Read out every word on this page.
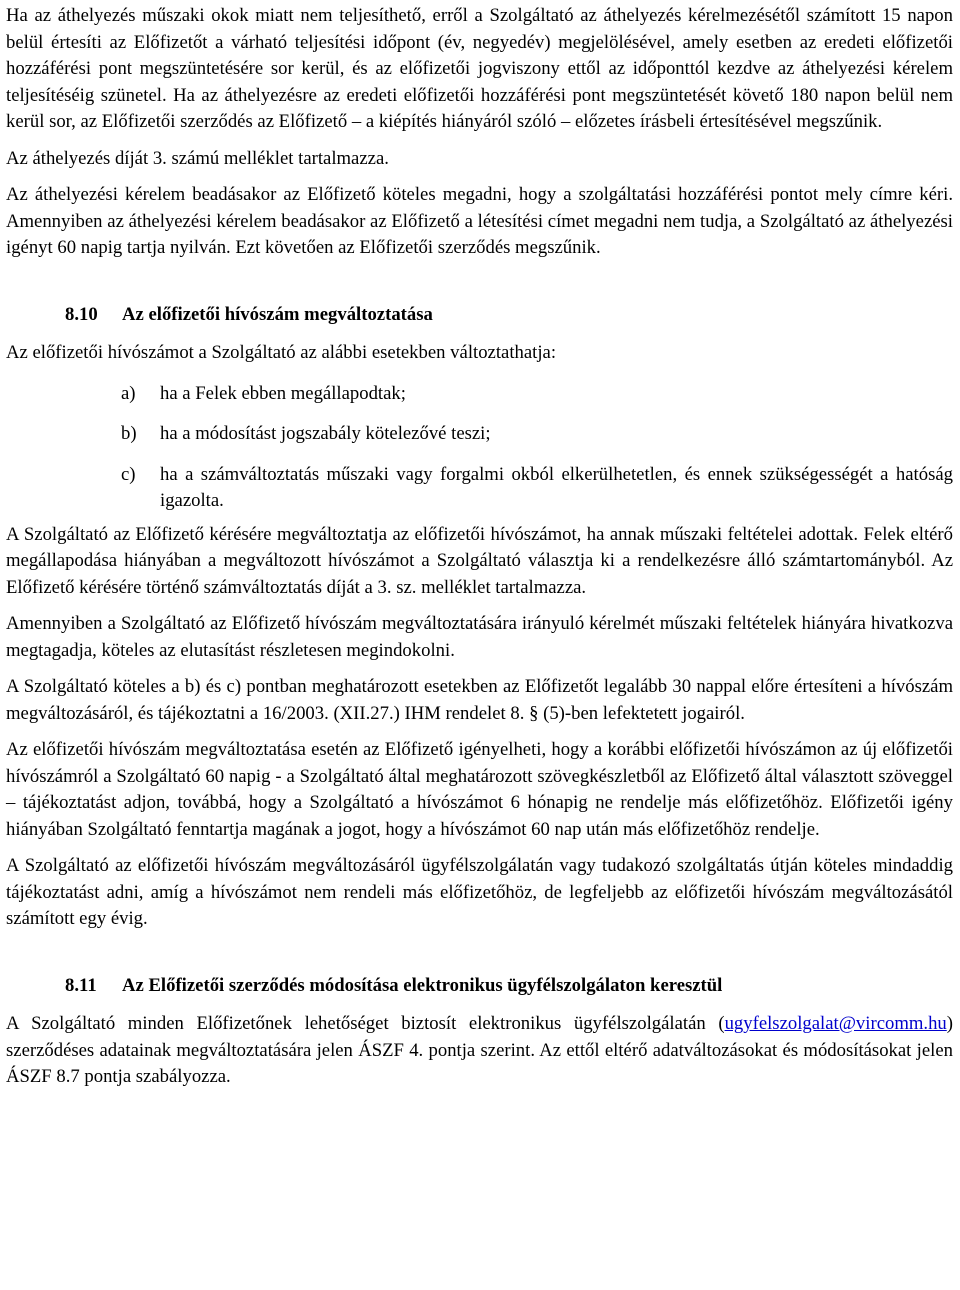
Ha az áthelyezés műszaki okok miatt nem teljesíthető, erről a Szolgáltató az áthelyezés kérelmezésétől számított 15 napon belül értesíti az Előfizetőt a várható teljesítési időpont (év, negyedév) megjelölésével, amely esetben az eredeti előfizetői hozzáférési pont megszüntetésére sor kerül, és az előfizetői jogviszony ettől az időponttól kezdve az áthelyezési kérelem teljesítéséig szünetel. Ha az áthelyezésre az eredeti előfizetői hozzáférési pont megszüntetését követő 180 napon belül nem kerül sor, az Előfizetői szerződés az Előfizető – a kiépítés hiányáról szóló – előzetes írásbeli értesítésével megszűnik.

Az áthelyezés díját 3. számú melléklet tartalmazza.

Az áthelyezési kérelem beadásakor az Előfizető köteles megadni, hogy a szolgáltatási hozzáférési pontot mely címre kéri. Amennyiben az áthelyezési kérelem beadásakor az Előfizető a létesítési címet megadni nem tudja, a Szolgáltató az áthelyezési igényt 60 napig tartja nyilván. Ezt követően az Előfizetői szerződés megszűnik.

8.10 Az előfizetői hívószám megváltoztatása

Az előfizetői hívószámot a Szolgáltató az alábbi esetekben változtathatja:

a)	ha a Felek ebben megállapodtak;
b)	ha a módosítást jogszabály kötelezővé teszi;
c)	ha a számváltoztatás műszaki vagy forgalmi okból elkerülhetetlen, és ennek szükségességét a hatóság igazolta.

A Szolgáltató az Előfizető kérésére megváltoztatja az előfizetői hívószámot, ha annak műszaki feltételei adottak. Felek eltérő megállapodása hiányában a megváltozott hívószámot a Szolgáltató választja ki a rendelkezésre álló számtartományból. Az Előfizető kérésére történő számváltoztatás díját a 3. sz. melléklet tartalmazza.

Amennyiben a Szolgáltató az Előfizető hívószám megváltoztatására irányuló kérelmét műszaki feltételek hiányára hivatkozva megtagadja, köteles az elutasítást részletesen megindokolni.

A Szolgáltató köteles a b) és c) pontban meghatározott esetekben az Előfizetőt legalább 30 nappal előre értesíteni a hívószám megváltozásáról, és tájékoztatni a 16/2003. (XII.27.) IHM rendelet 8. § (5)-ben lefektetett jogairól.

Az előfizetői hívószám megváltoztatása esetén az Előfizető igényelheti, hogy a korábbi előfizetői hívószámon az új előfizetői hívószámról a Szolgáltató 60 napig - a Szolgáltató által meghatározott szövegkészletből az Előfizető által választott szöveggel – tájékoztatást adjon, továbbá, hogy a Szolgáltató a hívószámot 6 hónapig ne rendelje más előfizetőhöz. Előfizetői igény hiányában Szolgáltató fenntartja magának a jogot, hogy a hívószámot 60 nap után más előfizetőhöz rendelje.

A Szolgáltató az előfizetői hívószám megváltozásáról ügyfélszolgálatán vagy tudakozó szolgáltatás útján köteles mindaddig tájékoztatást adni, amíg a hívószámot nem rendeli más előfizetőhöz, de legfeljebb az előfizetői hívószám megváltozásától számított egy évig.

8.11 Az Előfizetői szerződés módosítása elektronikus ügyfélszolgálaton keresztül

A Szolgáltató minden Előfizetőnek lehetőséget biztosít elektronikus ügyfélszolgálatán (ugyfelszolgalat@vircomm.hu) szerződéses adatainak megváltoztatására jelen ÁSZF 4. pontja szerint. Az ettől eltérő adatváltozásokat és módosításokat jelen ÁSZF 8.7 pontja szabályozza.
